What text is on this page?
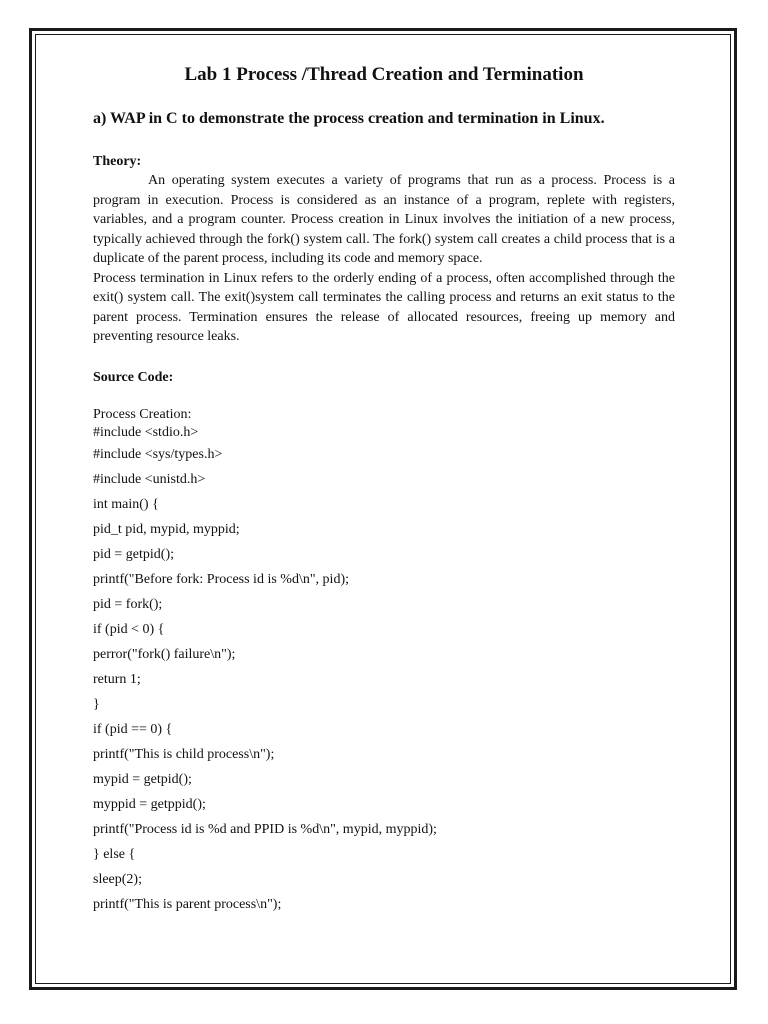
Lab 1 Process /Thread Creation and Termination
a) WAP in C to demonstrate the process creation and termination in Linux.
Theory:

An operating system executes a variety of programs that run as a process. Process is a program in execution. Process is considered as an instance of a program, replete with registers, variables, and a program counter. Process creation in Linux involves the initiation of a new process, typically achieved through the fork() system call. The fork() system call creates a child process that is a duplicate of the parent process, including its code and memory space.

Process termination in Linux refers to the orderly ending of a process, often accomplished through the exit() system call. The exit()system call terminates the calling process and returns an exit status to the parent process. Termination ensures the release of allocated resources, freeing up memory and preventing resource leaks.

Source Code:

Process Creation:

#include <stdio.h>
#include <sys/types.h>
#include <unistd.h>
int main() {
pid_t pid, mypid, myppid;
pid = getpid();
printf("Before fork: Process id is %d\n", pid);
pid = fork();
if (pid < 0) {
perror("fork() failure\n");
return 1;
}
if (pid == 0) {
printf("This is child process\n");
mypid = getpid();
myppid = getppid();
printf("Process id is %d and PPID is %d\n", mypid, myppid);
} else {
sleep(2);
printf("This is parent process\n");
